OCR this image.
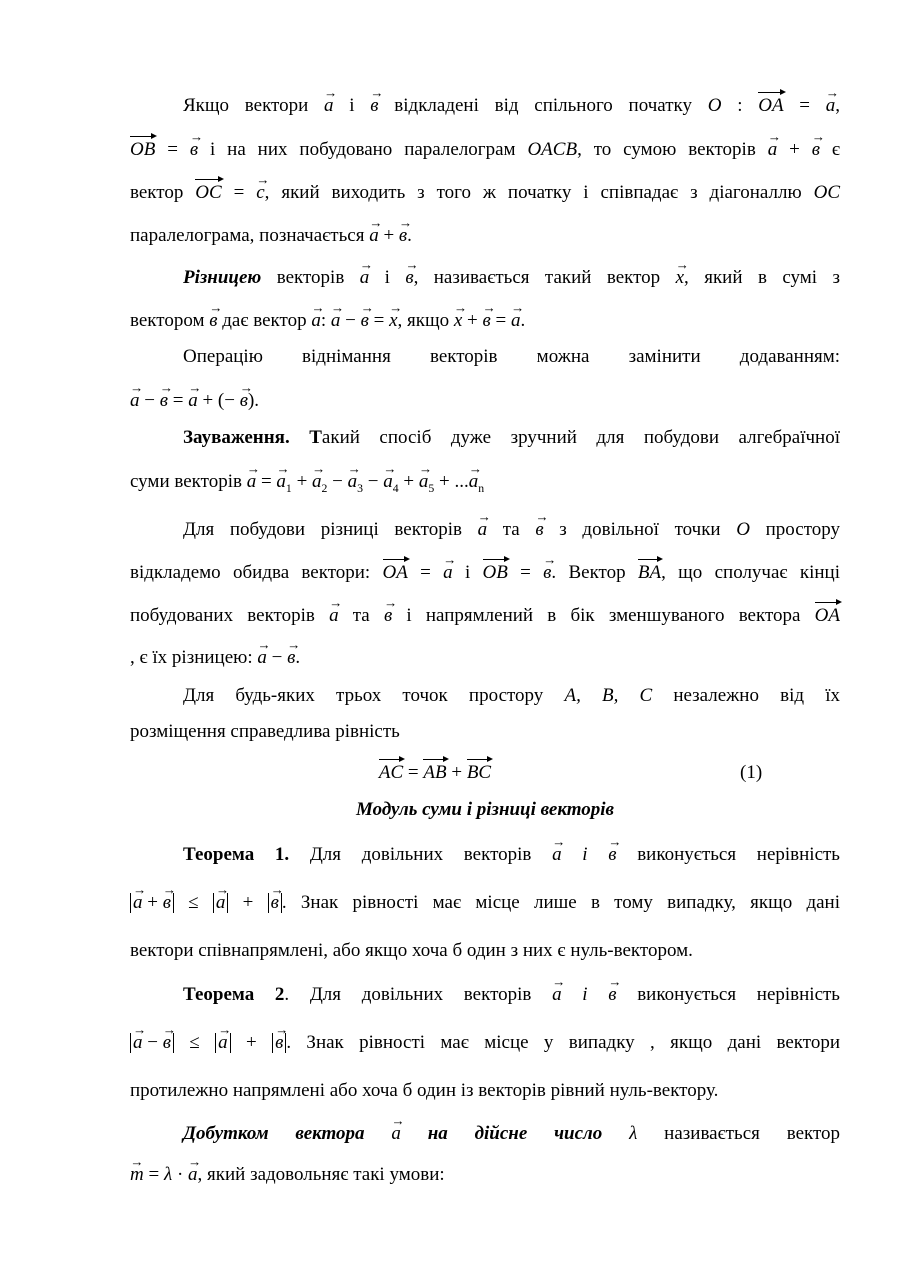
Якщо вектори → a і → в відкладені від спільного початку O : OA = → a,
OB = → в і на них побудовано паралелограм OACB, то сумою векторів → a + → в є
вектор OC = → c, який виходить з того ж початку і співпадає з діагоналлю OC
паралелограма, позначається → a + → в.
Різницею векторів → a і → в, називається такий вектор → x, який в сумі з
вектором → в дає вектор → a: → a − → в = → x, якщо → x + → в = → a.
Операцію віднімання векторів можна замінити додаванням:
→ a − → в = → a + (− → в).
Зауваження. Такий спосіб дуже зручний для побудови алгебраїчної
суми векторів → a = → $a_1$ + → $a_2$ − → $a_3$ − → $a_4$ + → $a_5$ + ...→ $a_n$
Для побудови різниці векторів → a та → в з довільної точки O простору
відкладемо обидва вектори: OA = → a і OB = → в. Вектор BA, що сполучає кінці
побудованих векторів → a та → в і напрямлений в бік зменшуваного вектора OA
, є їх різницею: → a − → в.
Для будь-яких трьох точок простору A, B, C незалежно від їх
розміщення справедлива рівність
AC = AB + BC	(1)
Модуль суми і різниці векторів
Теорема 1. Для довільних векторів → a і → в виконується нерівність
→ a + → в ≤ → a + → в . Знак рівності має місце лише в тому випадку, якщо дані
вектори співнапрямлені, або якщо хоча б один з них є нуль-вектором.
Теорема 2. Для довільних векторів → a і → в виконується нерівність
→ a − → в ≤ → a + → в . Знак рівності має місце у випадку , якщо дані вектори
протилежно напрямлені або хоча б один із векторів рівний нуль-вектору.
Добутком вектора → a на дійсне число λ називається вектор
→ m = λ · → a, який задовольняє такі умови:
